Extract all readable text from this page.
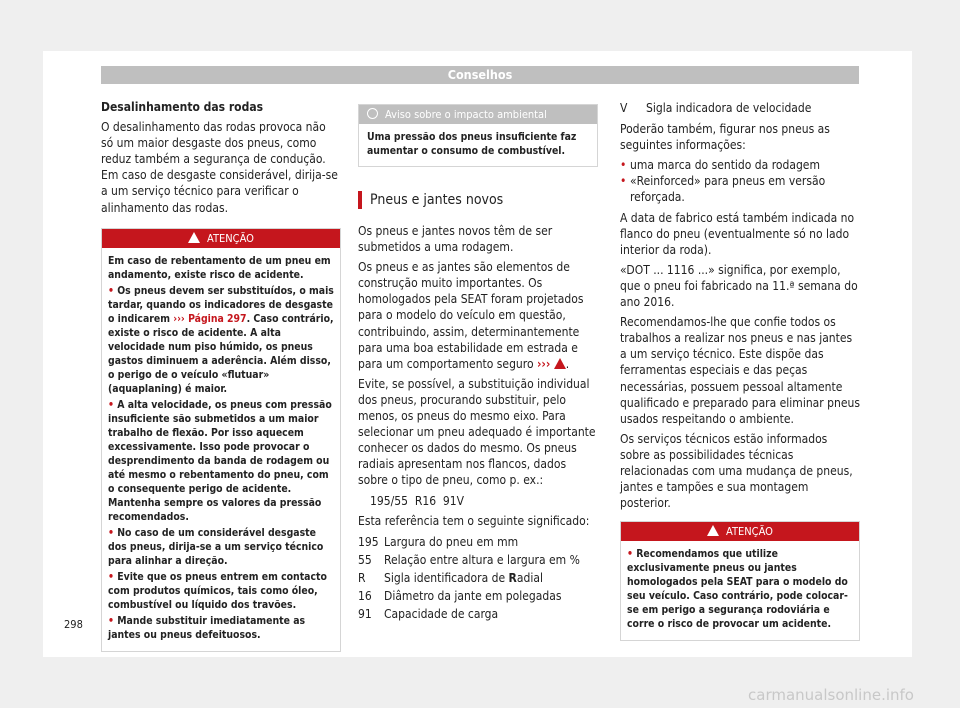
Conselhos

Desalinhamento das rodas

O desalinhamento das rodas provoca não só um maior desgaste dos pneus, como reduz também a segurança de condução. Em caso de desgaste considerável, dirija-se a um serviço técnico para verificar o alinhamento das rodas.

ATENÇÃO

Em caso de rebentamento de um pneu em andamento, existe risco de acidente.

• Os pneus devem ser substituídos, o mais tardar, quando os indicadores de desgaste o indicarem ››› Página 297. Caso contrário, existe o risco de acidente. A alta velocidade num piso húmido, os pneus gastos diminuem a aderência. Além disso, o perigo de o veículo «flutuar» (aquaplaning) é maior.

• A alta velocidade, os pneus com pressão insuficiente são submetidos a um maior trabalho de flexão. Por isso aquecem excessivamente. Isso pode provocar o desprendimento da banda de rodagem ou até mesmo o rebentamento do pneu, com o consequente perigo de acidente. Mantenha sempre os valores da pressão recomendados.

• No caso de um considerável desgaste dos pneus, dirija-se a um serviço técnico para alinhar a direção.

• Evite que os pneus entrem em contacto com produtos químicos, tais como óleo, combustível ou líquido dos travões.

• Mande substituir imediatamente as jantes ou pneus defeituosos.

Aviso sobre o impacto ambiental
Uma pressão dos pneus insuficiente faz aumentar o consumo de combustível.
Pneus e jantes novos

Os pneus e jantes novos têm de ser submetidos a uma rodagem.

Os pneus e as jantes são elementos de construção muito importantes. Os homologados pela SEAT foram projetados para o modelo do veículo em questão, contribuindo, assim, determinantemente para uma boa estabilidade em estrada e para um comportamento seguro ››› .

Evite, se possível, a substituição individual dos pneus, procurando substituir, pelo menos, os pneus do mesmo eixo. Para selecionar um pneu adequado é importante conhecer os dados do mesmo. Os pneus radiais apresentam nos flancos, dados sobre o tipo de pneu, como p. ex.:

195/55  R16  91V

Esta referência tem o seguinte significado:

195	Largura do pneu em mm
55	Relação entre altura e largura em %
R	Sigla identificadora de Radial
16	Diâmetro da jante em polegadas
91	Capacidade de carga
V	Sigla indicadora de velocidade

Poderão também, figurar nos pneus as seguintes informações:

• uma marca do sentido da rodagem
• «Reinforced» para pneus em versão reforçada.

A data de fabrico está também indicada no flanco do pneu (eventualmente só no lado interior da roda).

«DOT ... 1116 ...» significa, por exemplo, que o pneu foi fabricado na 11.ª semana do ano 2016.

Recomendamos-lhe que confie todos os trabalhos a realizar nos pneus e nas jantes a um serviço técnico. Este dispõe das ferramentas especiais e das peças necessárias, possuem pessoal altamente qualificado e preparado para eliminar pneus usados respeitando o ambiente.

Os serviços técnicos estão informados sobre as possibilidades técnicas relacionadas com uma mudança de pneus, jantes e tampões e sua montagem posterior.

ATENÇÃO

• Recomendamos que utilize exclusivamente pneus ou jantes homologados pela SEAT para o modelo do seu veículo. Caso contrário, pode colocar-se em perigo a segurança rodoviária e corre o risco de provocar um acidente.

298
carmanualsonline.info
